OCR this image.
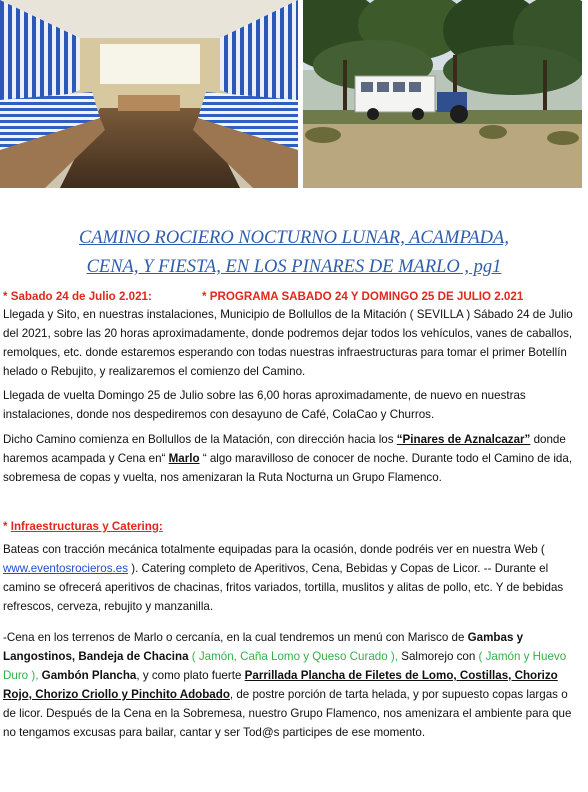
CAMINO ROCIERO NOCTURNO LUNAR, ACAMPADA,
CENA, Y FIESTA, EN LOS PINARES DE MARLO , pg1
* Sabado 24 de Julio 2.021:	* PROGRAMA SABADO 24 Y DOMINGO 25 DE JULIO 2.021

Llegada y Sito, en nuestras instalaciones, Municipio de Bollullos de la Mitación ( SEVILLA ) Sábado 24 de Julio del 2021, sobre las 20 horas aproximadamente, donde podremos dejar todos los vehículos, vanes de caballos, remolques, etc. donde estaremos esperando con todas nuestras infraestructuras para tomar el primer Botellín helado o Rebujito, y realizaremos el comienzo del Camino.

Llegada de vuelta Domingo 25 de Julio sobre las 6,00 horas aproximadamente, de nuevo en nuestras instalaciones, donde nos despediremos con desayuno de Café, ColaCao y Churros.

Dicho Camino comienza en Bollullos de la Matación, con dirección hacia los “Pinares de Aznalcazar” donde haremos acampada y Cena en“ Marlo “ algo maravilloso de conocer de noche. Durante todo el Camino de ida, sobremesa de copas y vuelta, nos amenizaran la Ruta Nocturna un Grupo Flamenco.

* Infraestructuras y Catering:

Bateas con tracción mecánica totalmente equipadas para la ocasión, donde podréis ver en nuestra Web ( www.eventosrocieros.es ). Catering completo de Aperitivos, Cena, Bebidas y Copas de Licor. -- Durante el camino se ofrecerá aperitivos de chacinas, fritos variados, tortilla, muslitos y alitas de pollo, etc. Y de bebidas refrescos, cerveza, rebujito y manzanilla.

-Cena en los terrenos de Marlo o cercanía, en la cual tendremos un menú con Marisco de Gambas y Langostinos, Bandeja de Chacina ( Jamón, Caña Lomo y Queso Curado ), Salmorejo con ( Jamón y Huevo Duro ), Gambón Plancha, y como plato fuerte Parrillada Plancha de Filetes de Lomo, Costillas, Chorizo Rojo, Chorizo Criollo y Pinchito Adobado, de postre porción de tarta helada, y por supuesto copas largas o de licor. Después de la Cena en la Sobremesa, nuestro Grupo Flamenco, nos amenizara el ambiente para que no tengamos excusas para bailar, cantar y ser Tod@s participes de ese momento.
